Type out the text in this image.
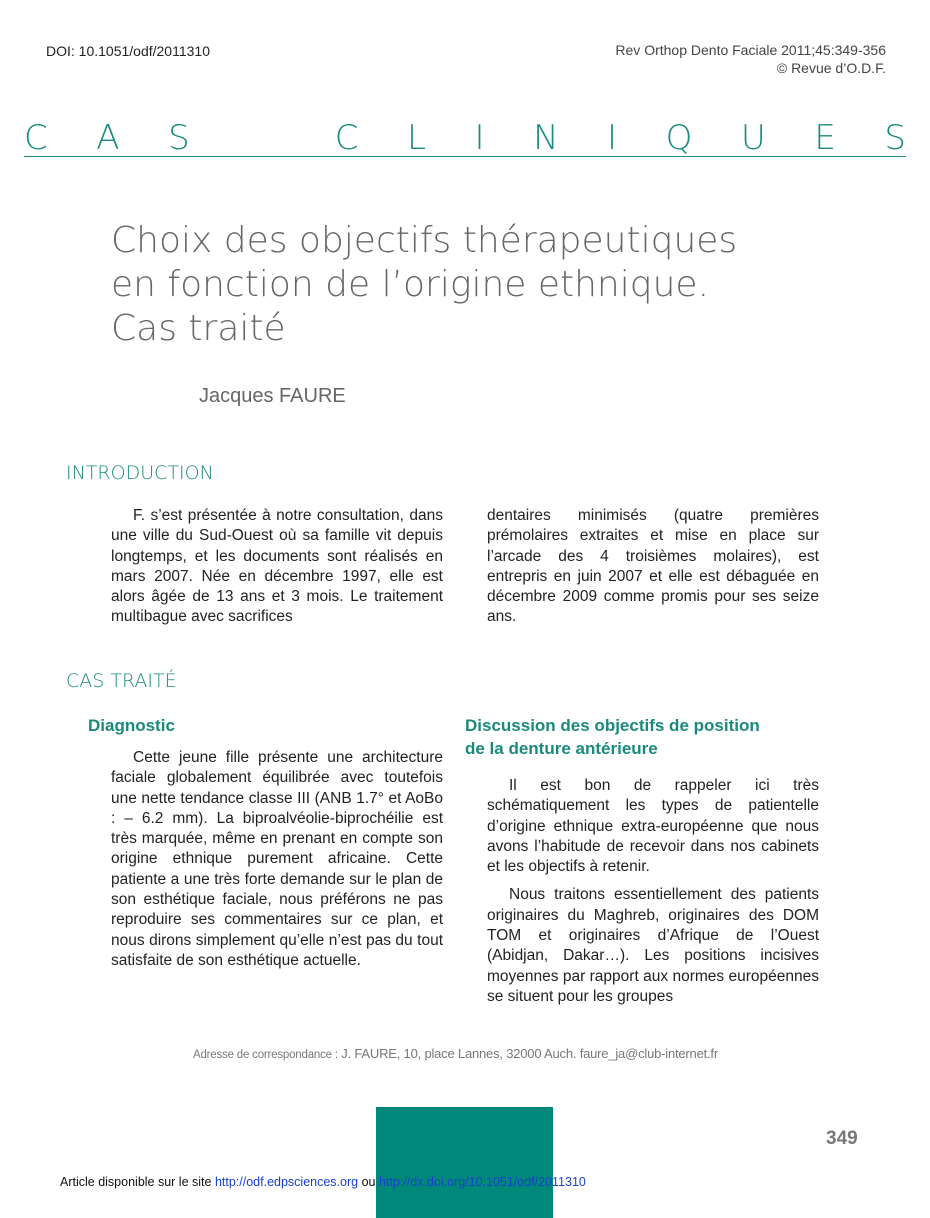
DOI: 10.1051/odf/2011310	Rev Orthop Dento Faciale 2011;45:349-356
© Revue d’O.D.F.
C A S	C L I N I Q U E S
Choix des objectifs thérapeutiques
en fonction de l’origine ethnique.
Cas traité
Jacques FAURE
INTRODUCTION

F. s’est présentée à notre consultation, dans une ville du Sud-Ouest où sa famille vit depuis longtemps, et les documents sont réalisés en mars 2007. Née en décembre 1997, elle est alors âgée de 13 ans et 3 mois. Le traitement multibague avec sacrifices

dentaires minimisés (quatre premières prémolaires extraites et mise en place sur l’arcade des 4 troisièmes molaires), est entrepris en juin 2007 et elle est débaguée en décembre 2009 comme promis pour ses seize ans.

CAS TRAITÉ
Diagnostic

Cette jeune fille présente une architecture faciale globalement équilibrée avec toutefois une nette tendance classe III (ANB 1.7° et AoBo : – 6.2 mm). La biproalvéolie-biprochéilie est très marquée, même en prenant en compte son origine ethnique purement africaine. Cette patiente a une très forte demande sur le plan de son esthétique faciale, nous préférons ne pas reproduire ses commentaires sur ce plan, et nous dirons simplement qu’elle n’est pas du tout satisfaite de son esthétique actuelle.

Discussion des objectifs de position
de la denture antérieure

Il est bon de rappeler ici très schématiquement les types de patientelle d’origine ethnique extra-européenne que nous avons l’habitude de recevoir dans nos cabinets et les objectifs à retenir.

Nous traitons essentiellement des patients originaires du Maghreb, originaires des DOM TOM et originaires d’Afrique de l’Ouest (Abidjan, Dakar…). Les positions incisives moyennes par rapport aux normes européennes se situent pour les groupes

Adresse de correspondance : J. FAURE, 10, place Lannes, 32000 Auch. faure_ja@club-internet.fr
349
Article disponible sur le site http://odf.edpsciences.org ou http://dx.doi.org/10.1051/odf/2011310
